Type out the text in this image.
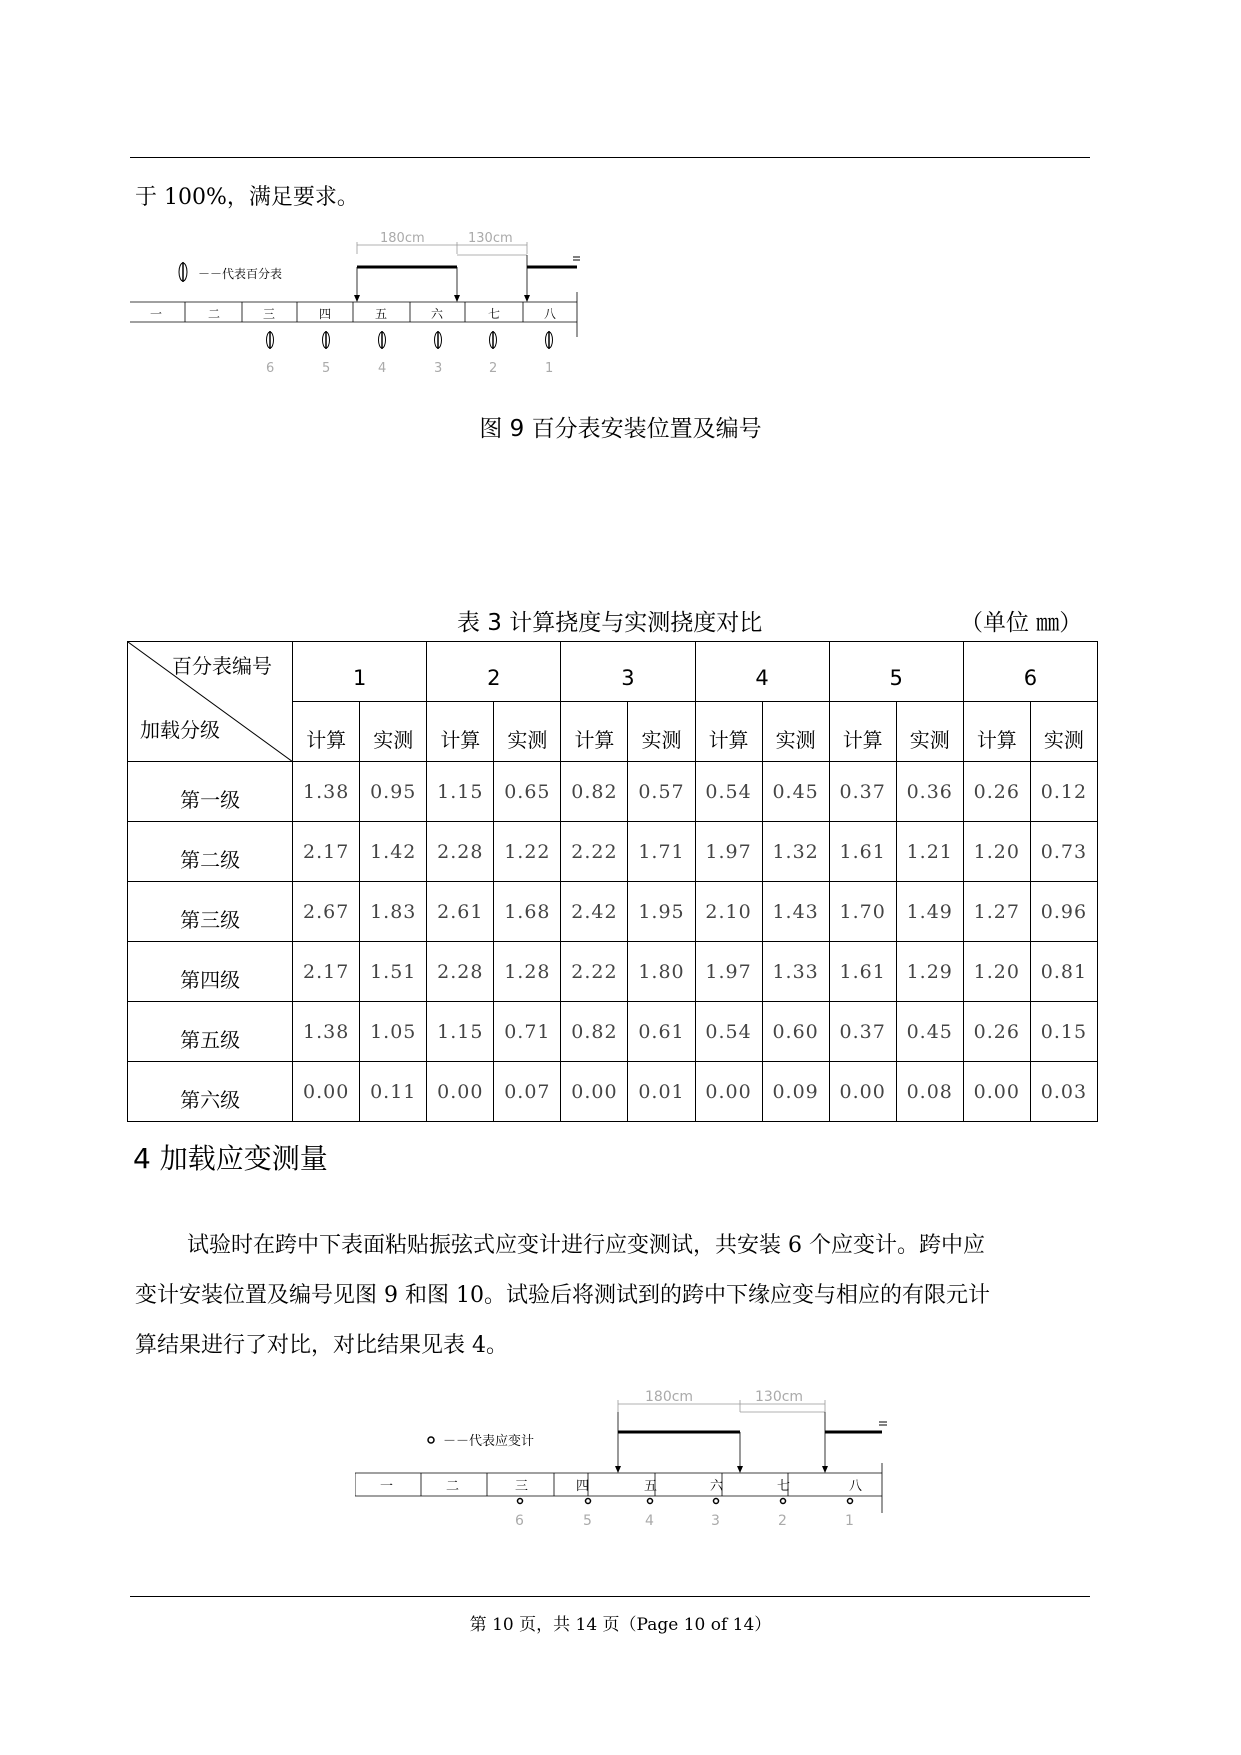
于 100%，满足要求。
－－代表百分表
180cm	130cm
一	二	三	四	五	六	七	八
6	5	4	3	2	1
图 9 百分表安装位置及编号
表 3 计算挠度与实测挠度对比	（单位 ㎜）
百分表编号
加载分级	1		2		3		4		5		6	
	计算	实测	计算	实测	计算	实测	计算	实测	计算	实测	计算	实测
第一级	1.38	0.95	1.15	0.65	0.82	0.57	0.54	0.45	0.37	0.36	0.26	0.12
第二级	2.17	1.42	2.28	1.22	2.22	1.71	1.97	1.32	1.61	1.21	1.20	0.73
第三级	2.67	1.83	2.61	1.68	2.42	1.95	2.10	1.43	1.70	1.49	1.27	0.96
第四级	2.17	1.51	2.28	1.28	2.22	1.80	1.97	1.33	1.61	1.29	1.20	0.81
第五级	1.38	1.05	1.15	0.71	0.82	0.61	0.54	0.60	0.37	0.45	0.26	0.15
第六级	0.00	0.11	0.00	0.07	0.00	0.01	0.00	0.09	0.00	0.08	0.00	0.03
4 加载应变测量

试验时在跨中下表面粘贴振弦式应变计进行应变测试，共安装 6 个应变计。跨中应

变计安装位置及编号见图 9 和图 10。试验后将测试到的跨中下缘应变与相应的有限元计

算结果进行了对比，对比结果见表 4。

－－代表应变计
180cm	130cm
一	二	三	四	五	六	七	八
6	5	4	3	2	1
第 10 页，共 14 页（Page 10 of 14）
